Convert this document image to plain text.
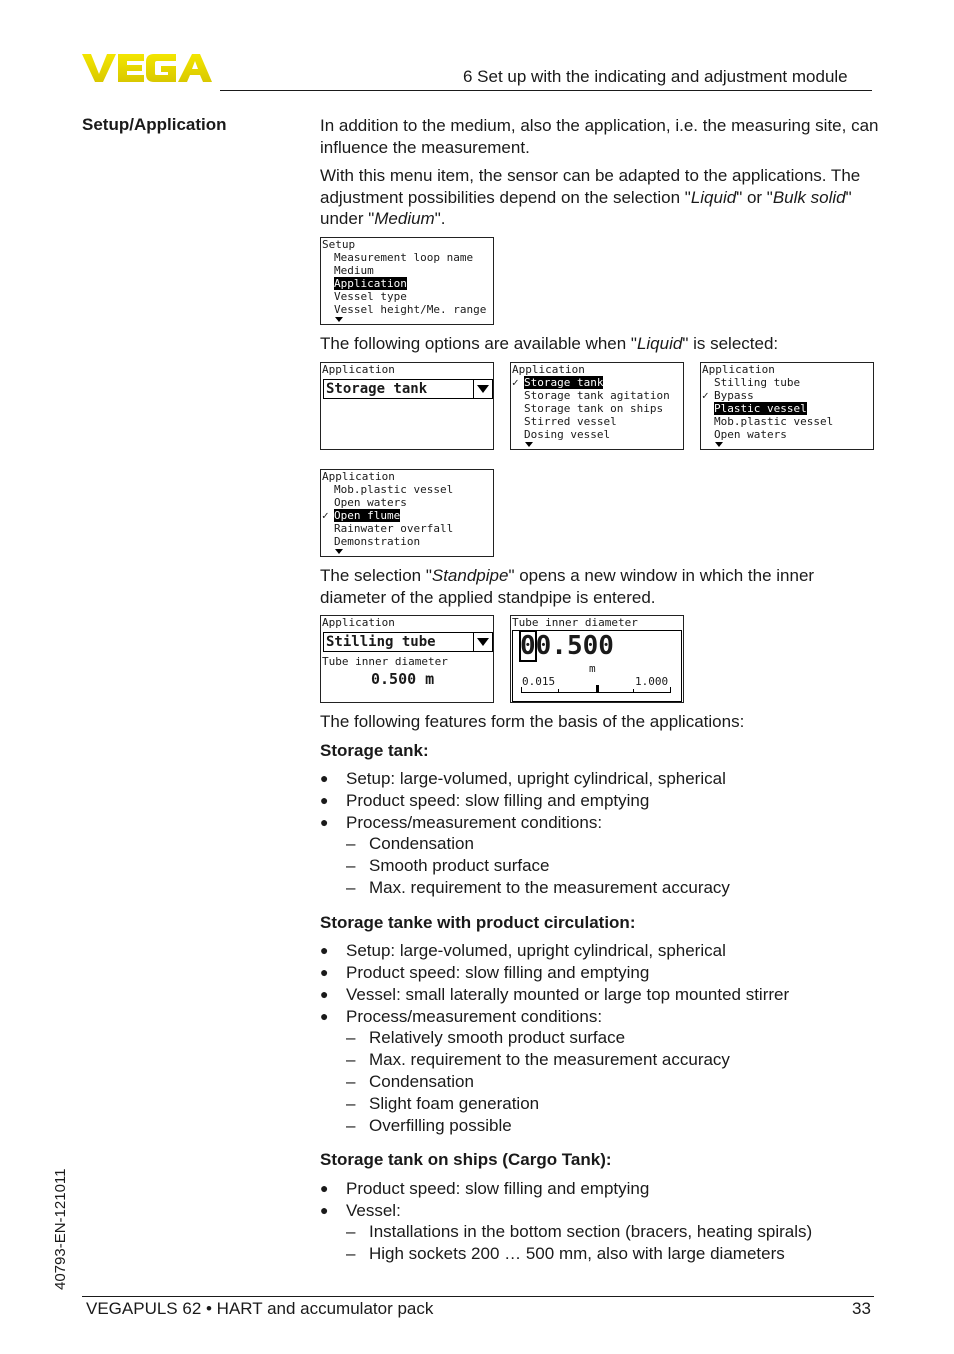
6 Set up with the indicating and adjustment module
Setup/Application	In addition to the medium, also the application, i.e. the measuring site, can influence the measurement.
With this menu item, the sensor can be adapted to the applications. The adjustment possibilities depend on the selection "Liquid" or "Bulk solid" under "Medium".
Setup
Measurement loop name
Medium
Application
Vessel type
Vessel height/Me. range
The following options are available when "Liquid" is selected:
Application
Storage tank
Application
✓ Storage tank
Storage tank agitation
Storage tank on ships
Stirred vessel
Dosing vessel
Application
Stilling tube
✓ Bypass
Plastic vessel
Mob.plastic vessel
Open waters
Application
Mob.plastic vessel
Open waters
✓ Open flume
Rainwater overfall
Demonstration
The selection "Standpipe" opens a new window in which the inner diameter of the applied standpipe is entered.
Application
Stilling tube
Tube inner diameter
0.500 m
Tube inner diameter
00.500
m
0.015	1.000
The following features form the basis of the applications:
Storage tank:
● Setup: large-volumed, upright cylindrical, spherical
● Product speed: slow filling and emptying
● Process/measurement conditions:
– Condensation
– Smooth product surface
– Max. requirement to the measurement accuracy
Storage tanke with product circulation:
● Setup: large-volumed, upright cylindrical, spherical
● Product speed: slow filling and emptying
● Vessel: small laterally mounted or large top mounted stirrer
● Process/measurement conditions:
– Relatively smooth product surface
– Max. requirement to the measurement accuracy
– Condensation
– Slight foam generation
– Overfilling possible
Storage tank on ships (Cargo Tank):
● Product speed: slow filling and emptying
● Vessel:
– Installations in the bottom section (bracers, heating spirals)
– High sockets 200 … 500 mm, also with large diameters
40793-EN-121011
VEGAPULS 62 • HART and accumulator pack	33
